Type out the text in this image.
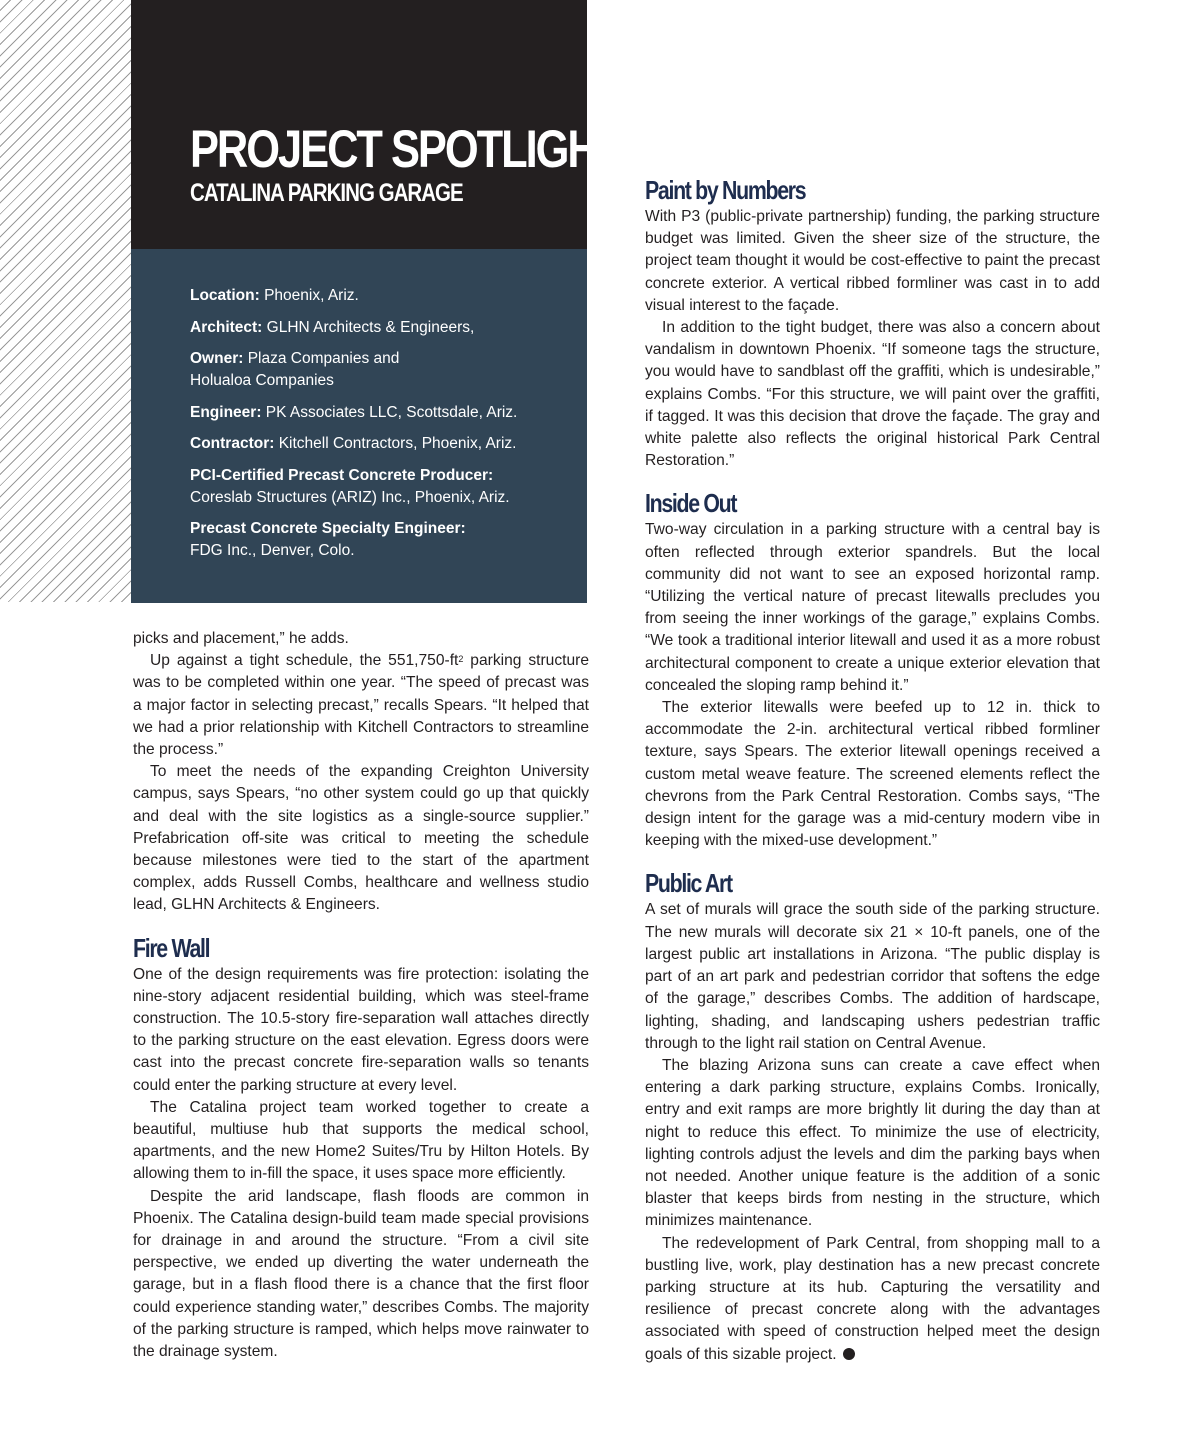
PROJECT SPOTLIGHT
CATALINA PARKING GARAGE
Location: Phoenix, Ariz.
Architect: GLHN Architects & Engineers,
Owner: Plaza Companies and
Holualoa Companies
Engineer: PK Associates LLC, Scottsdale, Ariz.
Contractor: Kitchell Contractors, Phoenix, Ariz.
PCI-Certified Precast Concrete Producer:
Coreslab Structures (ARIZ) Inc., Phoenix, Ariz.
Precast Concrete Specialty Engineer:
FDG Inc., Denver, Colo.

picks and placement,” he adds.

Up against a tight schedule, the $551,750-ft^2$ parking structure was to be completed within one year. “The speed of precast was a major factor in selecting precast,” recalls Spears. “It helped that we had a prior relationship with Kitchell Contractors to streamline the process.”

To meet the needs of the expanding Creighton University campus, says Spears, “no other system could go up that quickly and deal with the site logistics as a single-source supplier.” Prefabrication off-site was critical to meeting the schedule because milestones were tied to the start of the apartment complex, adds Russell Combs, healthcare and wellness studio lead, GLHN Architects & Engineers.

Fire Wall

One of the design requirements was fire protection: isolating the nine-story adjacent residential building, which was steel-frame construction. The 10.5-story fire-separation wall attaches directly to the parking structure on the east elevation. Egress doors were cast into the precast concrete fire-separation walls so tenants could enter the parking structure at every level.

The Catalina project team worked together to create a beautiful, multiuse hub that supports the medical school, apartments, and the new Home2 Suites/Tru by Hilton Hotels. By allowing them to in-fill the space, it uses space more efficiently.

Despite the arid landscape, flash floods are common in Phoenix. The Catalina design-build team made special provisions for drainage in and around the structure. “From a civil site perspective, we ended up diverting the water underneath the garage, but in a flash flood there is a chance that the first floor could experience standing water,” describes Combs. The majority of the parking structure is ramped, which helps move rainwater to the drainage system.

Paint by Numbers

With P3 (public-private partnership) funding, the parking structure budget was limited. Given the sheer size of the structure, the project team thought it would be cost-effective to paint the precast concrete exterior. A vertical ribbed formliner was cast in to add visual interest to the façade.

In addition to the tight budget, there was also a concern about vandalism in downtown Phoenix. “If someone tags the structure, you would have to sandblast off the graffiti, which is undesirable,” explains Combs. “For this structure, we will paint over the graffiti, if tagged. It was this decision that drove the façade. The gray and white palette also reflects the original historical Park Central Restoration.”

Inside Out

Two-way circulation in a parking structure with a central bay is often reflected through exterior spandrels. But the local community did not want to see an exposed horizontal ramp. “Utilizing the vertical nature of precast litewalls precludes you from seeing the inner workings of the garage,” explains Combs. “We took a traditional interior litewall and used it as a more robust architectural component to create a unique exterior elevation that concealed the sloping ramp behind it.”

The exterior litewalls were beefed up to 12 in. thick to accommodate the 2-in. architectural vertical ribbed formliner texture, says Spears. The exterior litewall openings received a custom metal weave feature. The screened elements reflect the chevrons from the Park Central Restoration. Combs says, “The design intent for the garage was a mid-century modern vibe in keeping with the mixed-use development.”

Public Art

A set of murals will grace the south side of the parking structure. The new murals will decorate six 21 × 10-ft panels, one of the largest public art installations in Arizona. “The public display is part of an art park and pedestrian corridor that softens the edge of the garage,” describes Combs. The addition of hardscape, lighting, shading, and landscaping ushers pedestrian traffic through to the light rail station on Central Avenue.

The blazing Arizona suns can create a cave effect when entering a dark parking structure, explains Combs. Ironically, entry and exit ramps are more brightly lit during the day than at night to reduce this effect. To minimize the use of electricity, lighting controls adjust the levels and dim the parking bays when not needed. Another unique feature is the addition of a sonic blaster that keeps birds from nesting in the structure, which minimizes maintenance.

The redevelopment of Park Central, from shopping mall to a bustling live, work, play destination has a new precast concrete parking structure at its hub. Capturing the versatility and resilience of precast concrete along with the advantages associated with speed of construction helped meet the design goals of this sizable project.
